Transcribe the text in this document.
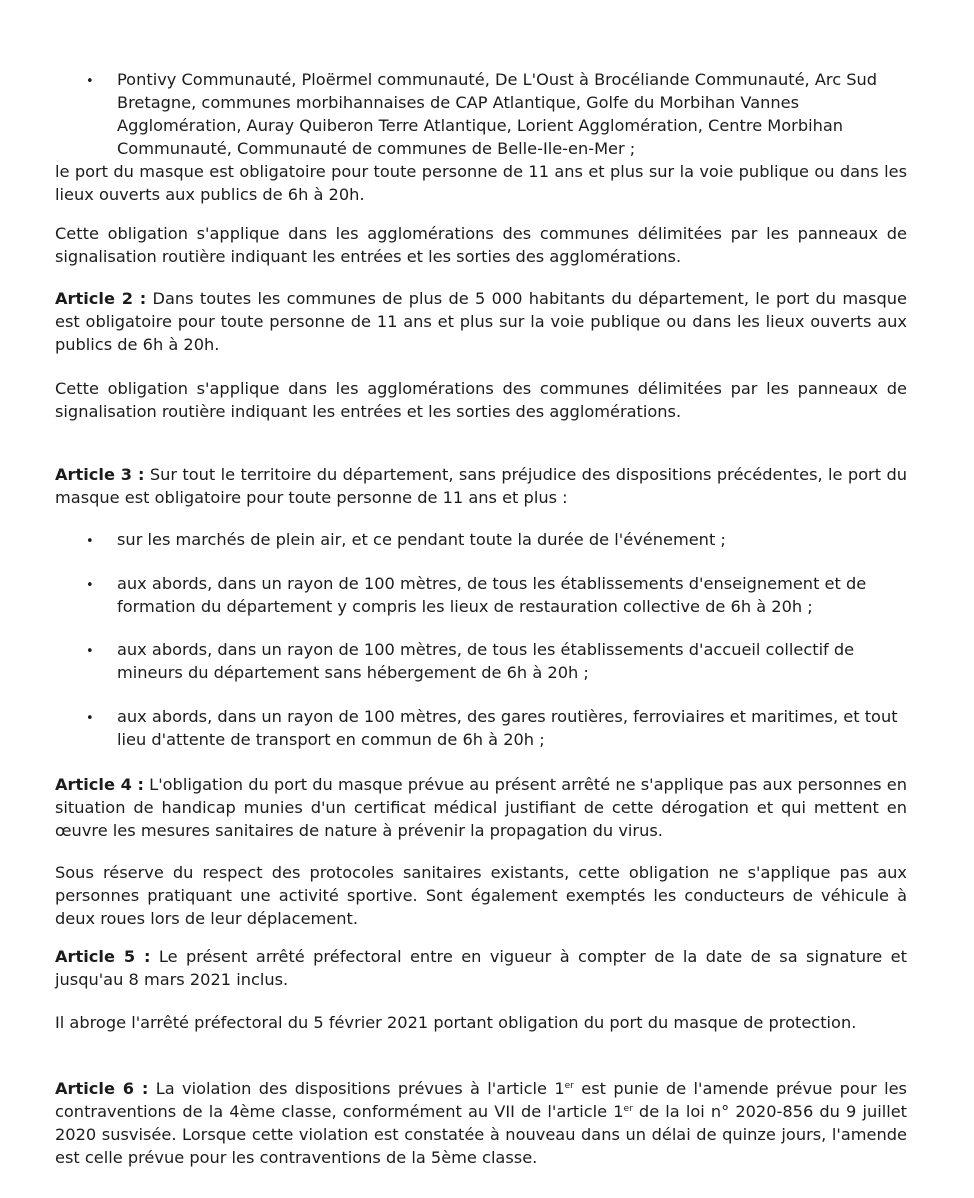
• Pontivy Communauté, Ploërmel communauté, De L'Oust à Brocéliande Communauté, Arc Sud Bretagne, communes morbihannaises de CAP Atlantique, Golfe du Morbihan Vannes Agglomération, Auray Quiberon Terre Atlantique, Lorient Agglomération, Centre Morbihan Communauté, Communauté de communes de Belle-Ile-en-Mer ;

le port du masque est obligatoire pour toute personne de 11 ans et plus sur la voie publique ou dans les lieux ouverts aux publics de 6h à 20h.

Cette obligation s'applique dans les agglomérations des communes délimitées par les panneaux de signalisation routière indiquant les entrées et les sorties des agglomérations.

Article 2 : Dans toutes les communes de plus de 5 000 habitants du département, le port du masque est obligatoire pour toute personne de 11 ans et plus sur la voie publique ou dans les lieux ouverts aux publics de 6h à 20h.

Cette obligation s'applique dans les agglomérations des communes délimitées par les panneaux de signalisation routière indiquant les entrées et les sorties des agglomérations.

Article 3 : Sur tout le territoire du département, sans préjudice des dispositions précédentes, le port du masque est obligatoire pour toute personne de 11 ans et plus :

• sur les marchés de plein air, et ce pendant toute la durée de l'événement ;

• aux abords, dans un rayon de 100 mètres, de tous les établissements d'enseignement et de formation du département y compris les lieux de restauration collective de 6h à 20h ;

• aux abords, dans un rayon de 100 mètres, de tous les établissements d'accueil collectif de mineurs du département sans hébergement de 6h à 20h ;

• aux abords, dans un rayon de 100 mètres, des gares routières, ferroviaires et maritimes, et tout lieu d'attente de transport en commun de 6h à 20h ;

Article 4 : L'obligation du port du masque prévue au présent arrêté ne s'applique pas aux personnes en situation de handicap munies d'un certificat médical justifiant de cette dérogation et qui mettent en œuvre les mesures sanitaires de nature à prévenir la propagation du virus.

Sous réserve du respect des protocoles sanitaires existants, cette obligation ne s'applique pas aux personnes pratiquant une activité sportive. Sont également exemptés les conducteurs de véhicule à deux roues lors de leur déplacement.

Article 5 : Le présent arrêté préfectoral entre en vigueur à compter de la date de sa signature et jusqu'au 8 mars 2021 inclus.

Il abroge l'arrêté préfectoral du 5 février 2021 portant obligation du port du masque de protection.

Article 6 : La violation des dispositions prévues à l'article 1er est punie de l'amende prévue pour les contraventions de la 4ème classe, conformément au VII de l'article 1er de la loi n° 2020-856 du 9 juillet 2020 susvisée. Lorsque cette violation est constatée à nouveau dans un délai de quinze jours, l'amende est celle prévue pour les contraventions de la 5ème classe.
